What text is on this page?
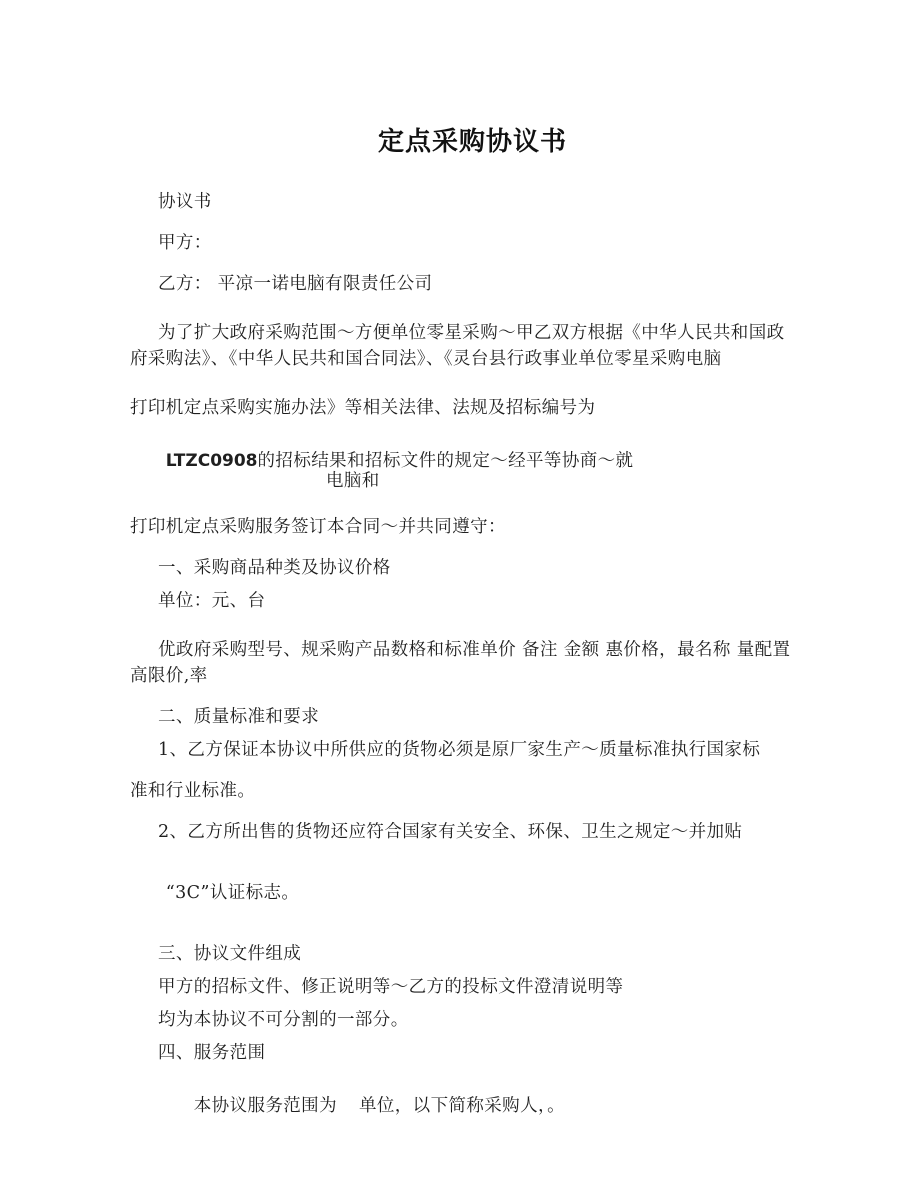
定点采购协议书
协议书
甲方：
乙方： 平凉一诺电脑有限责任公司
为了扩大政府采购范围～方便单位零星采购～甲乙双方根据《中华人民共和国政
府采购法》、《中华人民共和国合同法》、《灵台县行政事业单位零星采购电脑
打印机定点采购实施办法》等相关法律、法规及招标编号为

LTZC0908的招标结果和招标文件的规定～经平等协商～就电脑和

打印机定点采购服务签订本合同～并共同遵守：
一、采购商品种类及协议价格
单位：元、台
优政府采购型号、规采购产品数格和标准单价 备注 金额 惠价格，最名称 量配置
高限价,率
二、质量标准和要求
1、乙方保证本协议中所供应的货物必须是原厂家生产～质量标准执行国家标
准和行业标准。
2、乙方所出售的货物还应符合国家有关安全、环保、卫生之规定～并加贴

“3C”认证标志。

三、协议文件组成
甲方的招标文件、修正说明等～乙方的投标文件澄清说明等
均为本协议不可分割的一部分。
四、服务范围

本协议服务范围为 单位，以下简称采购人，。
